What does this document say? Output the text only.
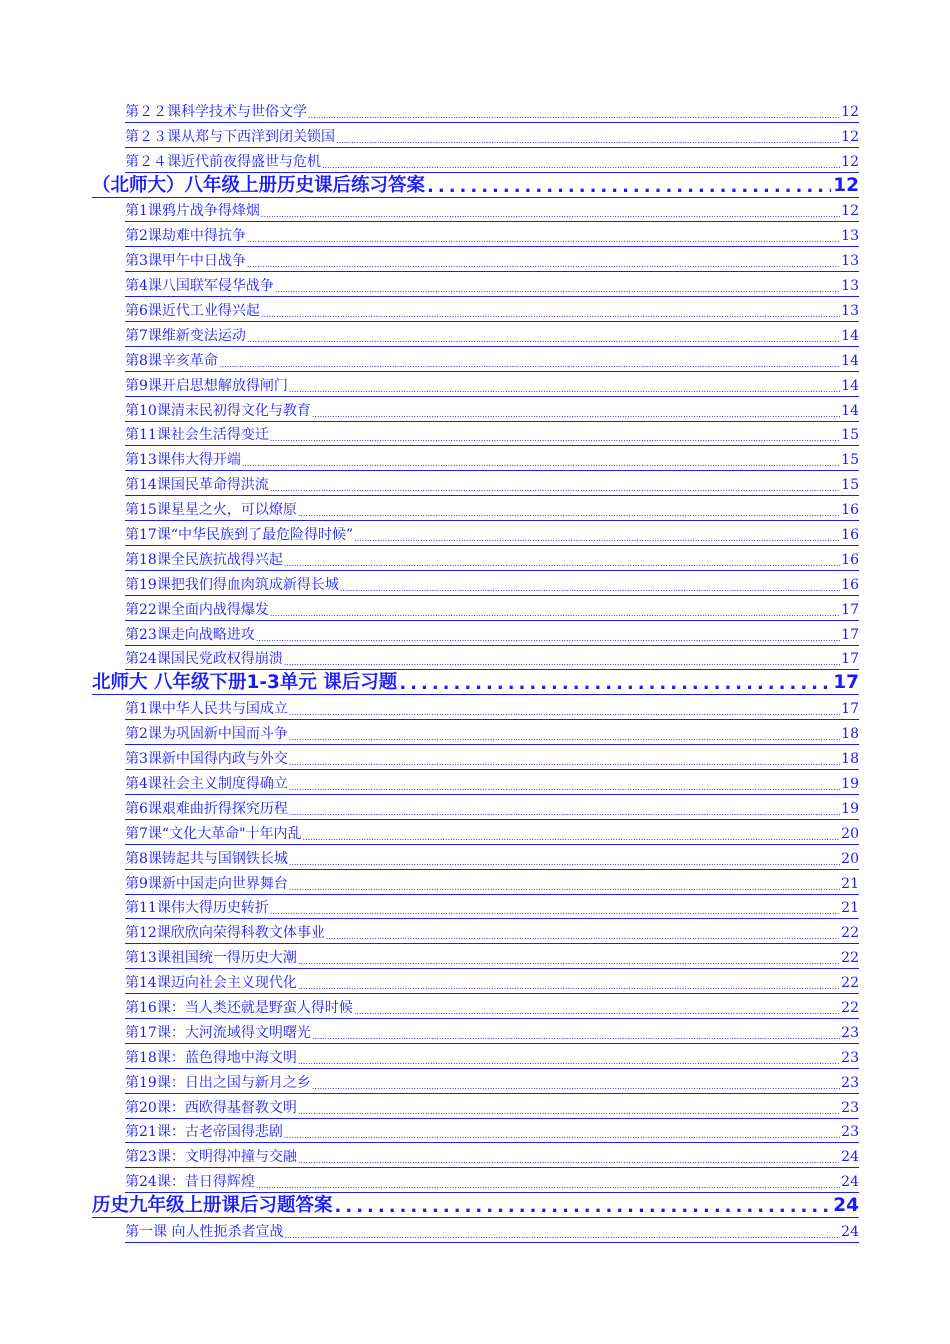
第２２课科学技术与世俗文学 .....	12
第２３课从郑与下西洋到闭关锁国 .....	12
第２４课近代前夜得盛世与危机 .....	12
（北师大）八年级上册历史课后练习答案 .....	12
第1课鸦片战争得烽烟 .....	12
第2课劫难中得抗争 .....	13
第3课甲午中日战争 .....	13
第4课八国联军侵华战争 .....	13
第6课近代工业得兴起 .....	13
第7课维新变法运动 .....	14
第8课辛亥革命 .....	14
第9课开启思想解放得闸门 .....	14
第10课清末民初得文化与教育 .....	14
第11课社会生活得变迁 .....	15
第13课伟大得开端 .....	15
第14课国民革命得洪流 .....	15
第15课星星之火，可以燎原 .....	16
第17课“中华民族到了最危险得时候” .....	16
第18课全民族抗战得兴起 .....	16
第19课把我们得血肉筑成新得长城 .....	16
第22课全面内战得爆发 .....	17
第23课走向战略进攻 .....	17
第24课国民党政权得崩溃 .....	17
北师大 八年级下册1-3单元 课后习题 .....	17
第1课中华人民共与国成立 .....	17
第2课为巩固新中国而斗争 .....	18
第3课新中国得内政与外交 .....	18
第4课社会主义制度得确立 .....	19
第6课艰难曲折得探究历程 .....	19
第7课“文化大革命"十年内乱 .....	20
第8课铸起共与国钢铁长城 .....	20
第9课新中国走向世界舞台 .....	21
第11课伟大得历史转折 .....	21
第12课欣欣向荣得科教文体事业 .....	22
第13课祖国统一得历史大潮 .....	22
第14课迈向社会主义现代化 .....	22
第16课：当人类还就是野蛮人得时候 .....	22
第17课：大河流域得文明曙光 .....	23
第18课：蓝色得地中海文明 .....	23
第19课：日出之国与新月之乡 .....	23
第20课：西欧得基督教文明 .....	23
第21课：古老帝国得悲剧 .....	23
第23课：文明得冲撞与交融 .....	24
第24课：昔日得辉煌 .....	24
历史九年级上册课后习题答案 .....	24
第一课 向人性扼杀者宣战 .....	24
